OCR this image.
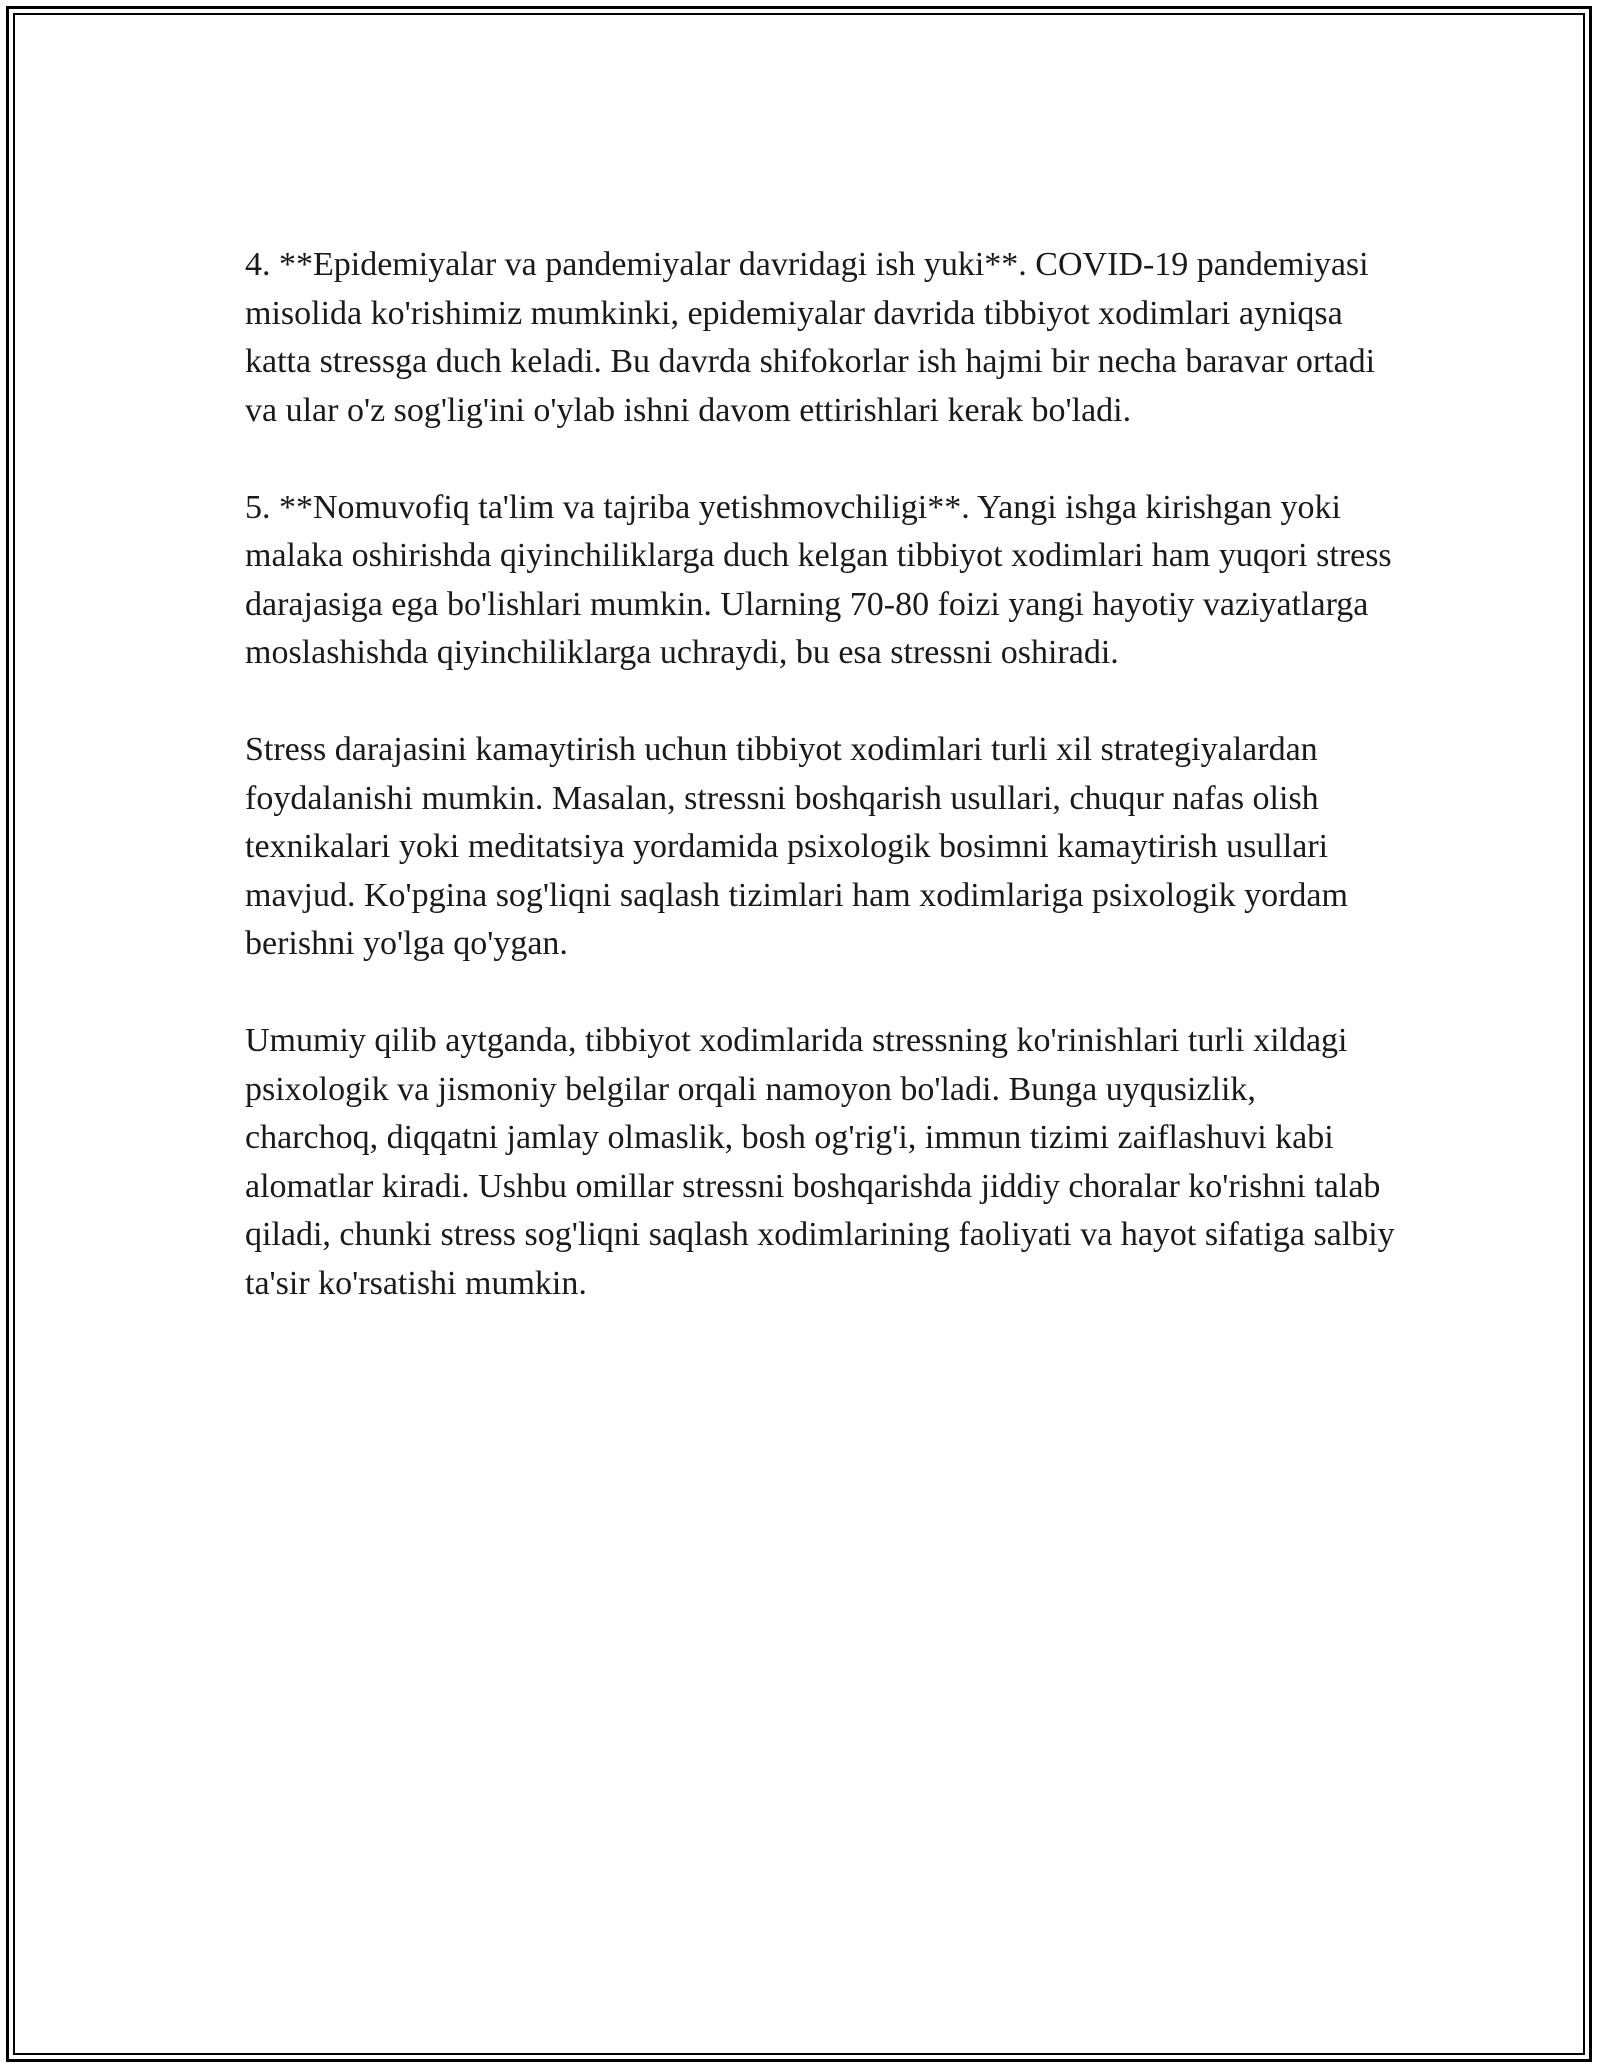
4. **Epidemiyalar va pandemiyalar davridagi ish yuki**. COVID-19 pandemiyasi misolida ko'rishimiz mumkinki, epidemiyalar davrida tibbiyot xodimlari ayniqsa katta stressga duch keladi. Bu davrda shifokorlar ish hajmi bir necha baravar ortadi va ular o'z sog'lig'ini o'ylab ishni davom ettirishlari kerak bo'ladi.

5. **Nomuvofiq ta'lim va tajriba yetishmovchiligi**. Yangi ishga kirishgan yoki malaka oshirishda qiyinchiliklarga duch kelgan tibbiyot xodimlari ham yuqori stress darajasiga ega bo'lishlari mumkin. Ularning 70-80 foizi yangi hayotiy vaziyatlarga moslashishda qiyinchiliklarga uchraydi, bu esa stressni oshiradi.

Stress darajasini kamaytirish uchun tibbiyot xodimlari turli xil strategiyalardan foydalanishi mumkin. Masalan, stressni boshqarish usullari, chuqur nafas olish texnikalari yoki meditatsiya yordamida psixologik bosimni kamaytirish usullari mavjud. Ko'pgina sog'liqni saqlash tizimlari ham xodimlariga psixologik yordam berishni yo'lga qo'ygan.

Umumiy qilib aytganda, tibbiyot xodimlarida stressning ko'rinishlari turli xildagi psixologik va jismoniy belgilar orqali namoyon bo'ladi. Bunga uyqusizlik, charchoq, diqqatni jamlay olmaslik, bosh og'rig'i, immun tizimi zaiflashuvi kabi alomatlar kiradi. Ushbu omillar stressni boshqarishda jiddiy choralar ko'rishni talab qiladi, chunki stress sog'liqni saqlash xodimlarining faoliyati va hayot sifatiga salbiy ta'sir ko'rsatishi mumkin.
